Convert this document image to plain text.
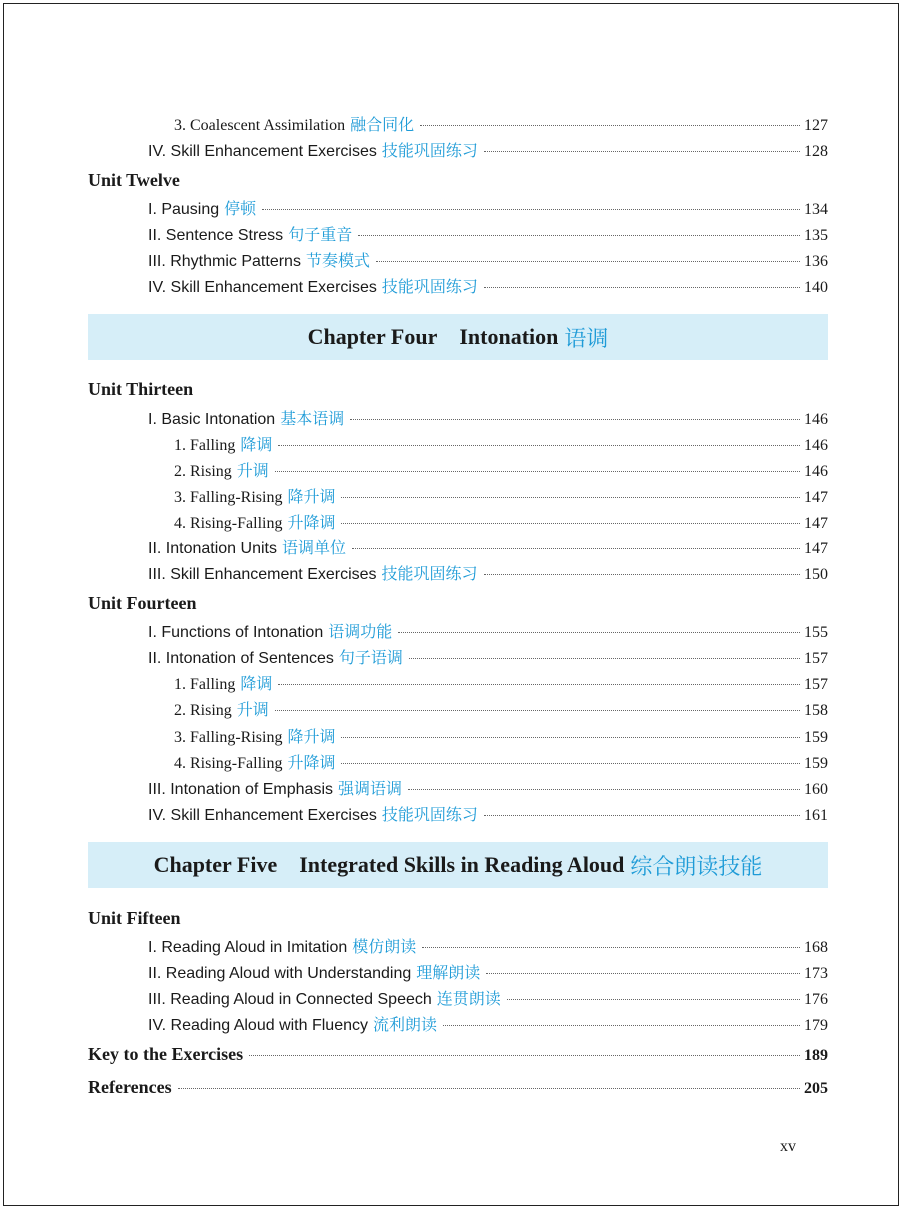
3. Coalescent Assimilation 融合同化	127
IV. Skill Enhancement Exercises 技能巩固练习	128
Unit Twelve
I. Pausing 停顿	134
II. Sentence Stress 句子重音	135
III. Rhythmic Patterns 节奏模式	136
IV. Skill Enhancement Exercises 技能巩固练习	140
Chapter Four Intonation 语调
Unit Thirteen
I. Basic Intonation 基本语调	146
1. Falling 降调	146
2. Rising 升调	146
3. Falling-Rising 降升调	147
4. Rising-Falling 升降调	147
II. Intonation Units 语调单位	147
III. Skill Enhancement Exercises 技能巩固练习	150
Unit Fourteen
I. Functions of Intonation 语调功能	155
II. Intonation of Sentences 句子语调	157
1. Falling 降调	157
2. Rising 升调	158
3. Falling-Rising 降升调	159
4. Rising-Falling 升降调	159
III. Intonation of Emphasis 强调语调	160
IV. Skill Enhancement Exercises 技能巩固练习	161
Chapter Five Integrated Skills in Reading Aloud 综合朗读技能
Unit Fifteen
I. Reading Aloud in Imitation 模仿朗读	168
II. Reading Aloud with Understanding 理解朗读	173
III. Reading Aloud in Connected Speech 连贯朗读	176
IV. Reading Aloud with Fluency 流利朗读	179
Key to the Exercises	189
References	205
xv
